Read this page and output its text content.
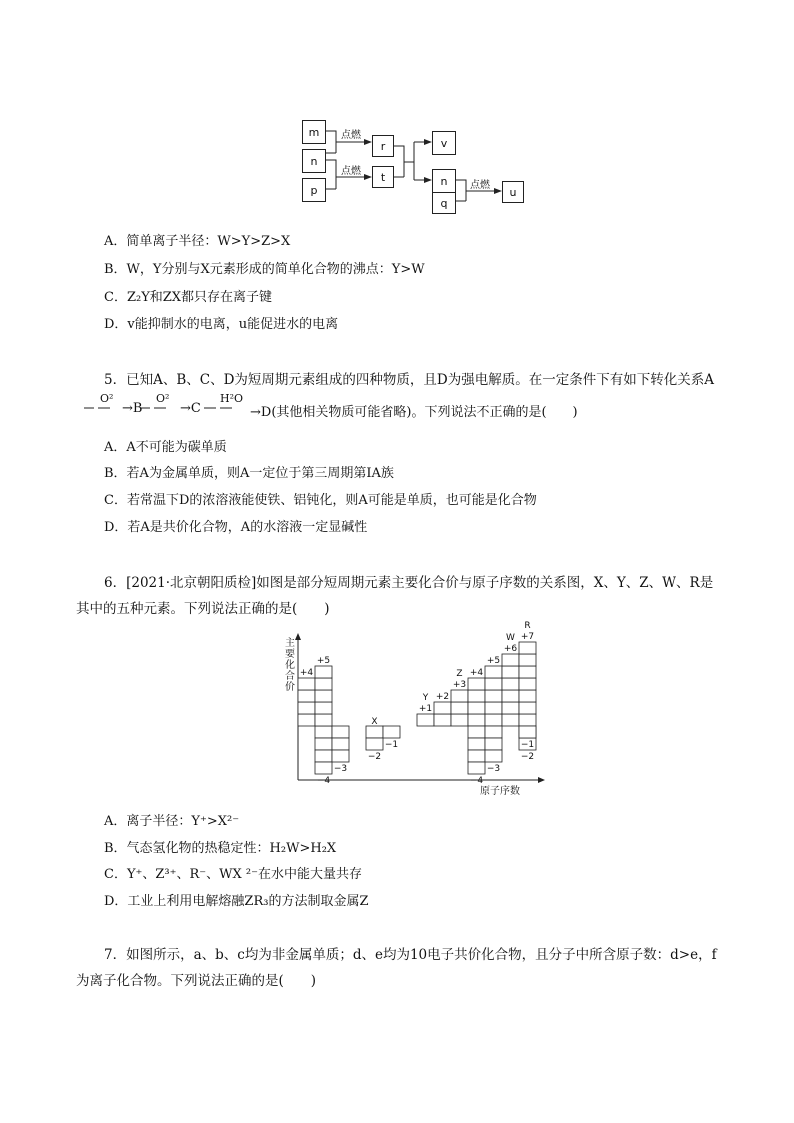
m
n
p
r
t
v
n
q
u
点燃
点燃
点燃
A．简单离子半径：W>Y>Z>X
B．W，Y分别与X元素形成的简单化合物的沸点：Y>W
C．Z₂Y和ZX都只存在离子键
D．v能抑制水的电离，u能促进水的电离
5．已知A、B、C、D为短周期元素组成的四种物质，且D为强电解质。在一定条件下有如下转化关系A
O²
→B
O²
→C
H²O
→D(其他相关物质可能省略)。下列说法不正确的是(　　)
A．A不可能为碳单质
B．若A为金属单质，则A一定位于第三周期第ⅠA族
C．若常温下D的浓溶液能使铁、铝钝化，则A可能是单质，也可能是化合物
D．若A是共价化合物，A的水溶液一定显碱性
6．[2021·北京朝阳质检]如图是部分短周期元素主要化合价与原子序数的关系图，X、Y、Z、W、R是
其中的五种元素。下列说法正确的是(　　)
主要化合价
原子序数
+4
−4
+5
−3
−2
X
−1
+1
Y +2
+3
Z +4
−4
+5
−3
+6
W
−2
+7
R
−1
A．离子半径：Y⁺>X²⁻
B．气态氢化物的热稳定性：H₂W>H₂X
C．Y⁺、Z³⁺、R⁻、WX ²⁻在水中能大量共存
D．工业上利用电解熔融ZR₃的方法制取金属Z
7．如图所示，a、b、c均为非金属单质；d、e均为10电子共价化合物，且分子中所含原子数：d>e，f
为离子化合物。下列说法正确的是(　　)
